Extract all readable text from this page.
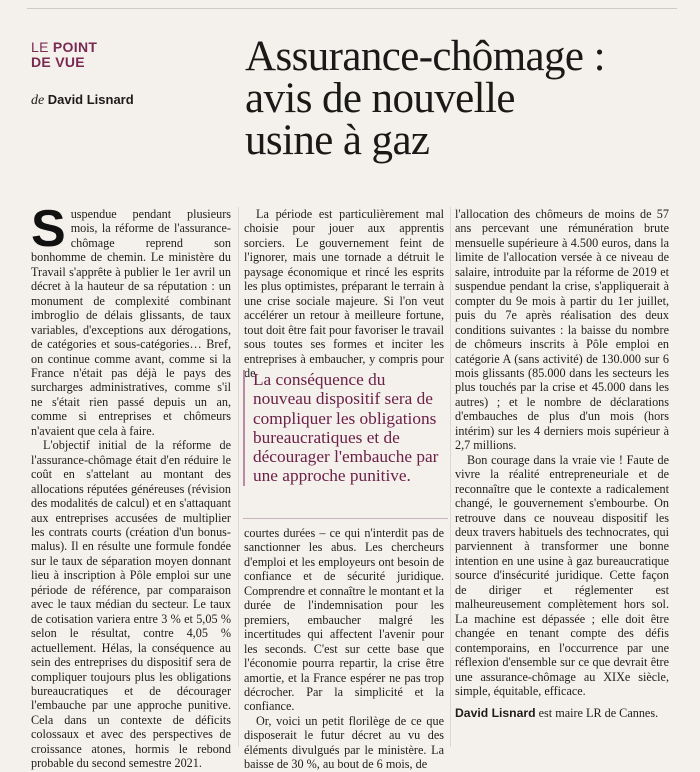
LE POINT
DE VUE
de David Lisnard
Assurance-chômage :
avis de nouvelle
usine à gaz

Suspendue pendant plusieurs mois, la réforme de l'assurance-chômage reprend son bonhomme de chemin. Le ministère du Travail s'apprête à publier le 1er avril un décret à la hauteur de sa réputation : un monument de complexité combinant imbroglio de délais glissants, de taux variables, d'exceptions aux dérogations, de catégories et sous-catégories… Bref, on continue comme avant, comme si la France n'était pas déjà le pays des surcharges administratives, comme s'il ne s'était rien passé depuis un an, comme si entreprises et chômeurs n'avaient que cela à faire.

L'objectif initial de la réforme de l'assurance-chômage était d'en réduire le coût en s'attelant au montant des allocations réputées généreuses (révision des modalités de calcul) et en s'attaquant aux entreprises accusées de multiplier les contrats courts (création d'un bonus-malus). Il en résulte une formule fondée sur le taux de séparation moyen donnant lieu à inscription à Pôle emploi sur une période de référence, par comparaison avec le taux médian du secteur. Le taux de cotisation variera entre 3 % et 5,05 % selon le résultat, contre 4,05 % actuellement. Hélas, la conséquence au sein des entreprises du dispositif sera de compliquer toujours plus les obligations bureaucratiques et de décourager l'embauche par une approche punitive. Cela dans un contexte de déficits colossaux et avec des perspectives de croissance atones, hormis le rebond probable du second semestre 2021.

La période est particulièrement mal choisie pour jouer aux apprentis sorciers. Le gouvernement feint de l'ignorer, mais une tornade a détruit le paysage économique et rincé les esprits les plus optimistes, préparant le terrain à une crise sociale majeure. Si l'on veut accélérer un retour à meilleure fortune, tout doit être fait pour favoriser le travail sous toutes ses formes et inciter les entreprises à embaucher, y compris pour de

La conséquence du nouveau dispositif sera de compliquer les obligations bureaucratiques et de décourager l'embauche par une approche punitive.

courtes durées – ce qui n'interdit pas de sanctionner les abus. Les chercheurs d'emploi et les employeurs ont besoin de confiance et de sécurité juridique. Comprendre et connaître le montant et la durée de l'indemnisation pour les premiers, embaucher malgré les incertitudes qui affectent l'avenir pour les seconds. C'est sur cette base que l'économie pourra repartir, la crise être amortie, et la France espérer ne pas trop décrocher. Par la simplicité et la confiance.

Or, voici un petit florilège de ce que disposerait le futur décret au vu des éléments divulgués par le ministère. La baisse de 30 %, au bout de 6 mois, de

l'allocation des chômeurs de moins de 57 ans percevant une rémunération brute mensuelle supérieure à 4.500 euros, dans la limite de l'allocation versée à ce niveau de salaire, introduite par la réforme de 2019 et suspendue pendant la crise, s'appliquerait à compter du 9e mois à partir du 1er juillet, puis du 7e après réalisation des deux conditions suivantes : la baisse du nombre de chômeurs inscrits à Pôle emploi en catégorie A (sans activité) de 130.000 sur 6 mois glissants (85.000 dans les secteurs les plus touchés par la crise et 45.000 dans les autres) ; et le nombre de déclarations d'embauches de plus d'un mois (hors intérim) sur les 4 derniers mois supérieur à 2,7 millions.

Bon courage dans la vraie vie ! Faute de vivre la réalité entrepreneuriale et de reconnaître que le contexte a radicalement changé, le gouvernement s'embourbe. On retrouve dans ce nouveau dispositif les deux travers habituels des technocrates, qui parviennent à transformer une bonne intention en une usine à gaz bureaucratique source d'insécurité juridique. Cette façon de diriger et réglementer est malheureusement complètement hors sol. La machine est dépassée ; elle doit être changée en tenant compte des défis contemporains, en l'occurrence par une réflexion d'ensemble sur ce que devrait être une assurance-chômage au XIXe siècle, simple, équitable, efficace.

David Lisnard est maire LR de Cannes.
